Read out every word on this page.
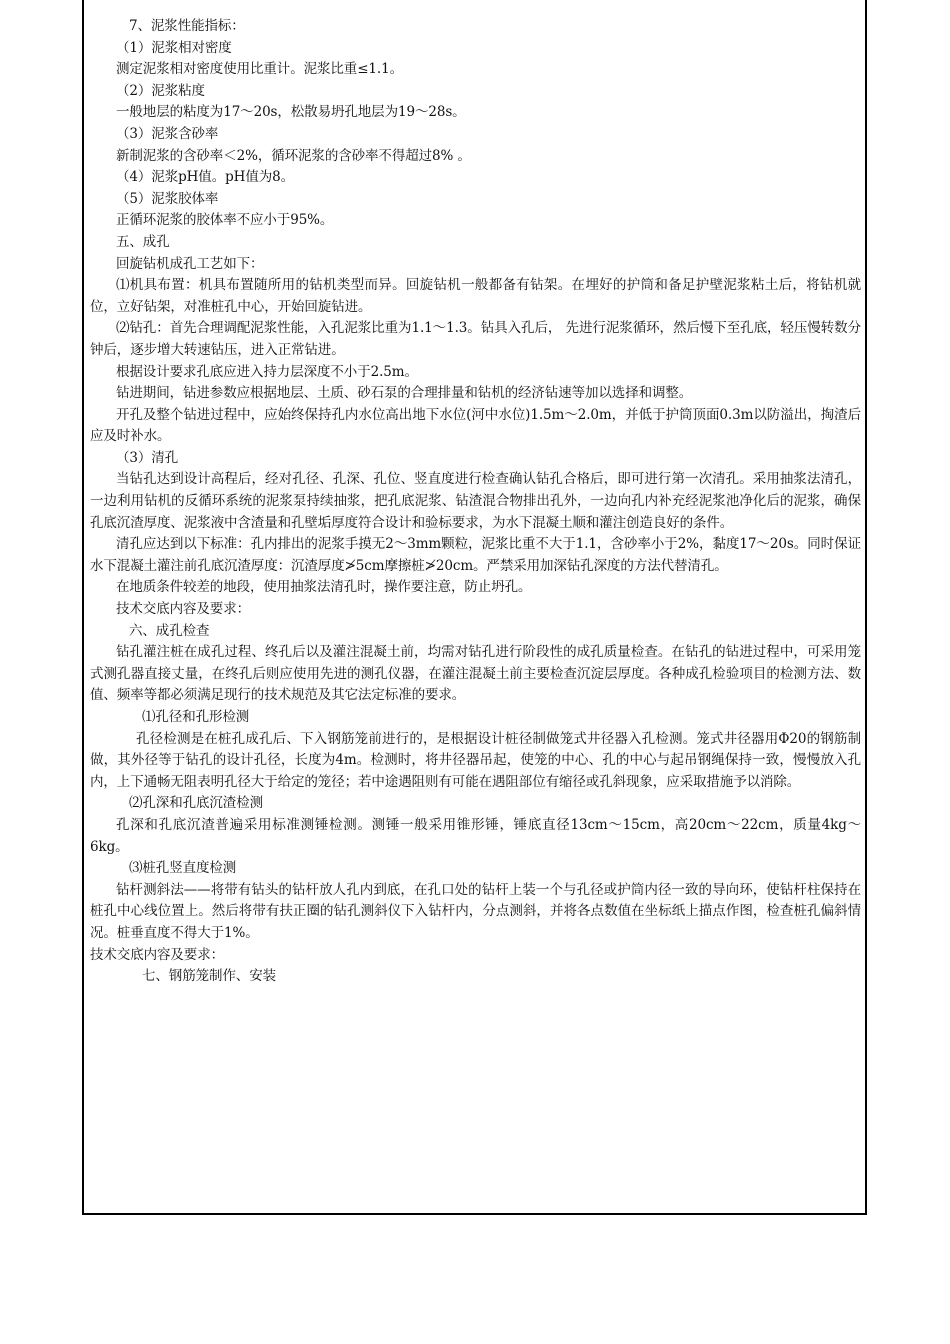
7、泥浆性能指标：

（1）泥浆相对密度

测定泥浆相对密度使用比重计。泥浆比重≤1.1。

（2）泥浆粘度

一般地层的粘度为17～20s，松散易坍孔地层为19～28s。

（3）泥浆含砂率

新制泥浆的含砂率＜2%，循环泥浆的含砂率不得超过8% 。

（4）泥浆pH值。pH值为8。

（5）泥浆胶体率

正循环泥浆的胶体率不应小于95%。

五、成孔

回旋钻机成孔工艺如下：

⑴机具布置：机具布置随所用的钻机类型而异。回旋钻机一般都备有钻架。在埋好的护筒和备足护壁泥浆粘土后，将钻机就位，立好钻架，对准桩孔中心，开始回旋钻进。

⑵钻孔：首先合理调配泥浆性能，入孔泥浆比重为1.1～1.3。钻具入孔后， 先进行泥浆循环，然后慢下至孔底，轻压慢转数分钟后，逐步增大转速钻压，进入正常钻进。

根据设计要求孔底应进入持力层深度不小于2.5m。

钻进期间，钻进参数应根据地层、土质、砂石泵的合理排量和钻机的经济钻速等加以选择和调整。

开孔及整个钻进过程中，应始终保持孔内水位高出地下水位(河中水位)1.5m～2.0m，并低于护筒顶面0.3m以防溢出，掏渣后应及时补水。

（3）清孔

当钻孔达到设计高程后，经对孔径、孔深、孔位、竖直度进行检查确认钻孔合格后，即可进行第一次清孔。采用抽浆法清孔，一边利用钻机的反循环系统的泥浆泵持续抽浆，把孔底泥浆、钻渣混合物排出孔外，一边向孔内补充经泥浆池净化后的泥浆，确保孔底沉渣厚度、泥浆液中含渣量和孔壁垢厚度符合设计和验标要求，为水下混凝土顺和灌注创造良好的条件。

清孔应达到以下标准：孔内排出的泥浆手摸无2～3mm颗粒，泥浆比重不大于1.1，含砂率小于2%，黏度17～20s。同时保证水下混凝土灌注前孔底沉渣厚度：沉渣厚度≯5cm摩擦桩≯20cm。严禁采用加深钻孔深度的方法代替清孔。

在地质条件较差的地段，使用抽浆法清孔时，操作要注意，防止坍孔。

技术交底内容及要求：

六、成孔检查

钻孔灌注桩在成孔过程、终孔后以及灌注混凝土前，均需对钻孔进行阶段性的成孔质量检查。在钻孔的钻进过程中，可采用笼式测孔器直接丈量，在终孔后则应使用先进的测孔仪器，在灌注混凝土前主要检查沉淀层厚度。各种成孔检验项目的检测方法、数值、频率等都必须满足现行的技术规范及其它法定标准的要求。

⑴孔径和孔形检测

孔径检测是在桩孔成孔后、下入钢筋笼前进行的，是根据设计桩径制做笼式井径器入孔检测。笼式井径器用Φ20的钢筋制做，其外径等于钻孔的设计孔径，长度为4m。检测时，将井径器吊起，使笼的中心、孔的中心与起吊钢绳保持一致，慢慢放入孔内，上下通畅无阻表明孔径大于给定的笼径；若中途遇阻则有可能在遇阻部位有缩径或孔斜现象，应采取措施予以消除。

⑵孔深和孔底沉渣检测

孔深和孔底沉渣普遍采用标准测锤检测。测锤一般采用锥形锤，锤底直径13cm～15cm，高20cm～22cm，质量4kg～6kg。

⑶桩孔竖直度检测

钻杆测斜法——将带有钻头的钻杆放人孔内到底，在孔口处的钻杆上装一个与孔径或护筒内径一致的导向环，使钻杆柱保持在桩孔中心线位置上。然后将带有扶正圈的钻孔测斜仪下入钻杆内，分点测斜，并将各点数值在坐标纸上描点作图，检查桩孔偏斜情况。桩垂直度不得大于1%。

技术交底内容及要求：

七、钢筋笼制作、安装
